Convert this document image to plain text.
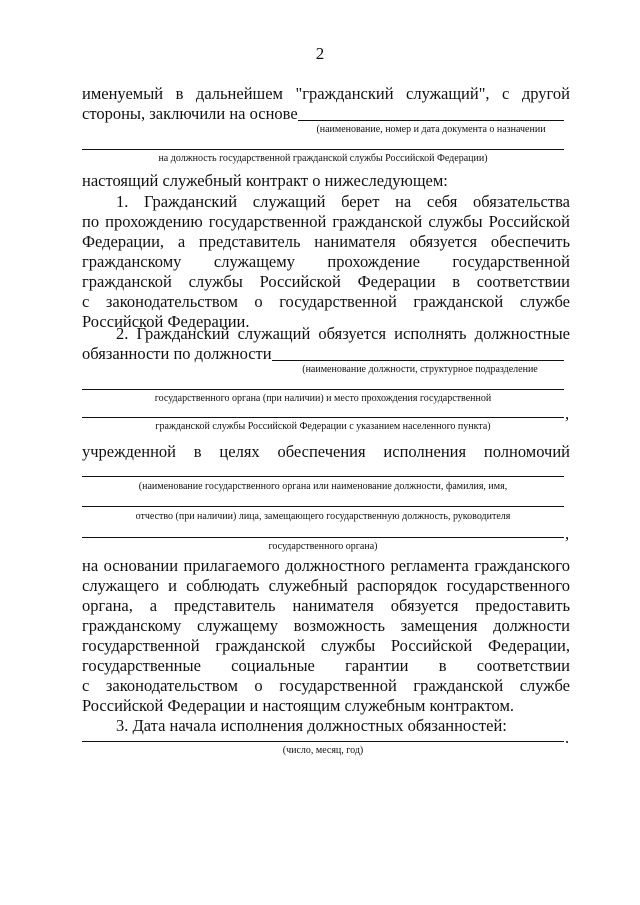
2
именуемый в дальнейшем "гражданский служащий", с другой
стороны, заключили на основе
(наименование, номер и дата документа о назначении
на должность государственной гражданской службы Российской Федерации)
настоящий служебный контракт о нижеследующем:
1. Гражданский служащий берет на себя обязательства
по прохождению государственной гражданской службы Российской
Федерации, а представитель нанимателя обязуется обеспечить
гражданскому служащему прохождение государственной
гражданской службы Российской Федерации в соответствии
с законодательством о государственной гражданской службе
Российской Федерации.
2. Гражданский служащий обязуется исполнять должностные
обязанности по должности
(наименование должности, структурное подразделение
государственного органа (при наличии) и место прохождения государственной
,
гражданской службы Российской Федерации с указанием населенного пункта)
учрежденной в целях обеспечения исполнения полномочий
(наименование государственного органа или наименование должности, фамилия, имя,
отчество (при наличии) лица, замещающего государственную должность, руководителя
,
государственного органа)
на основании прилагаемого должностного регламента гражданского
служащего и соблюдать служебный распорядок государственного
органа, а представитель нанимателя обязуется предоставить
гражданскому служащему возможность замещения должности
государственной гражданской службы Российской Федерации,
государственные социальные гарантии в соответствии
с законодательством о государственной гражданской службе
Российской Федерации и настоящим служебным контрактом.
3. Дата начала исполнения должностных обязанностей:
.
(число, месяц, год)
